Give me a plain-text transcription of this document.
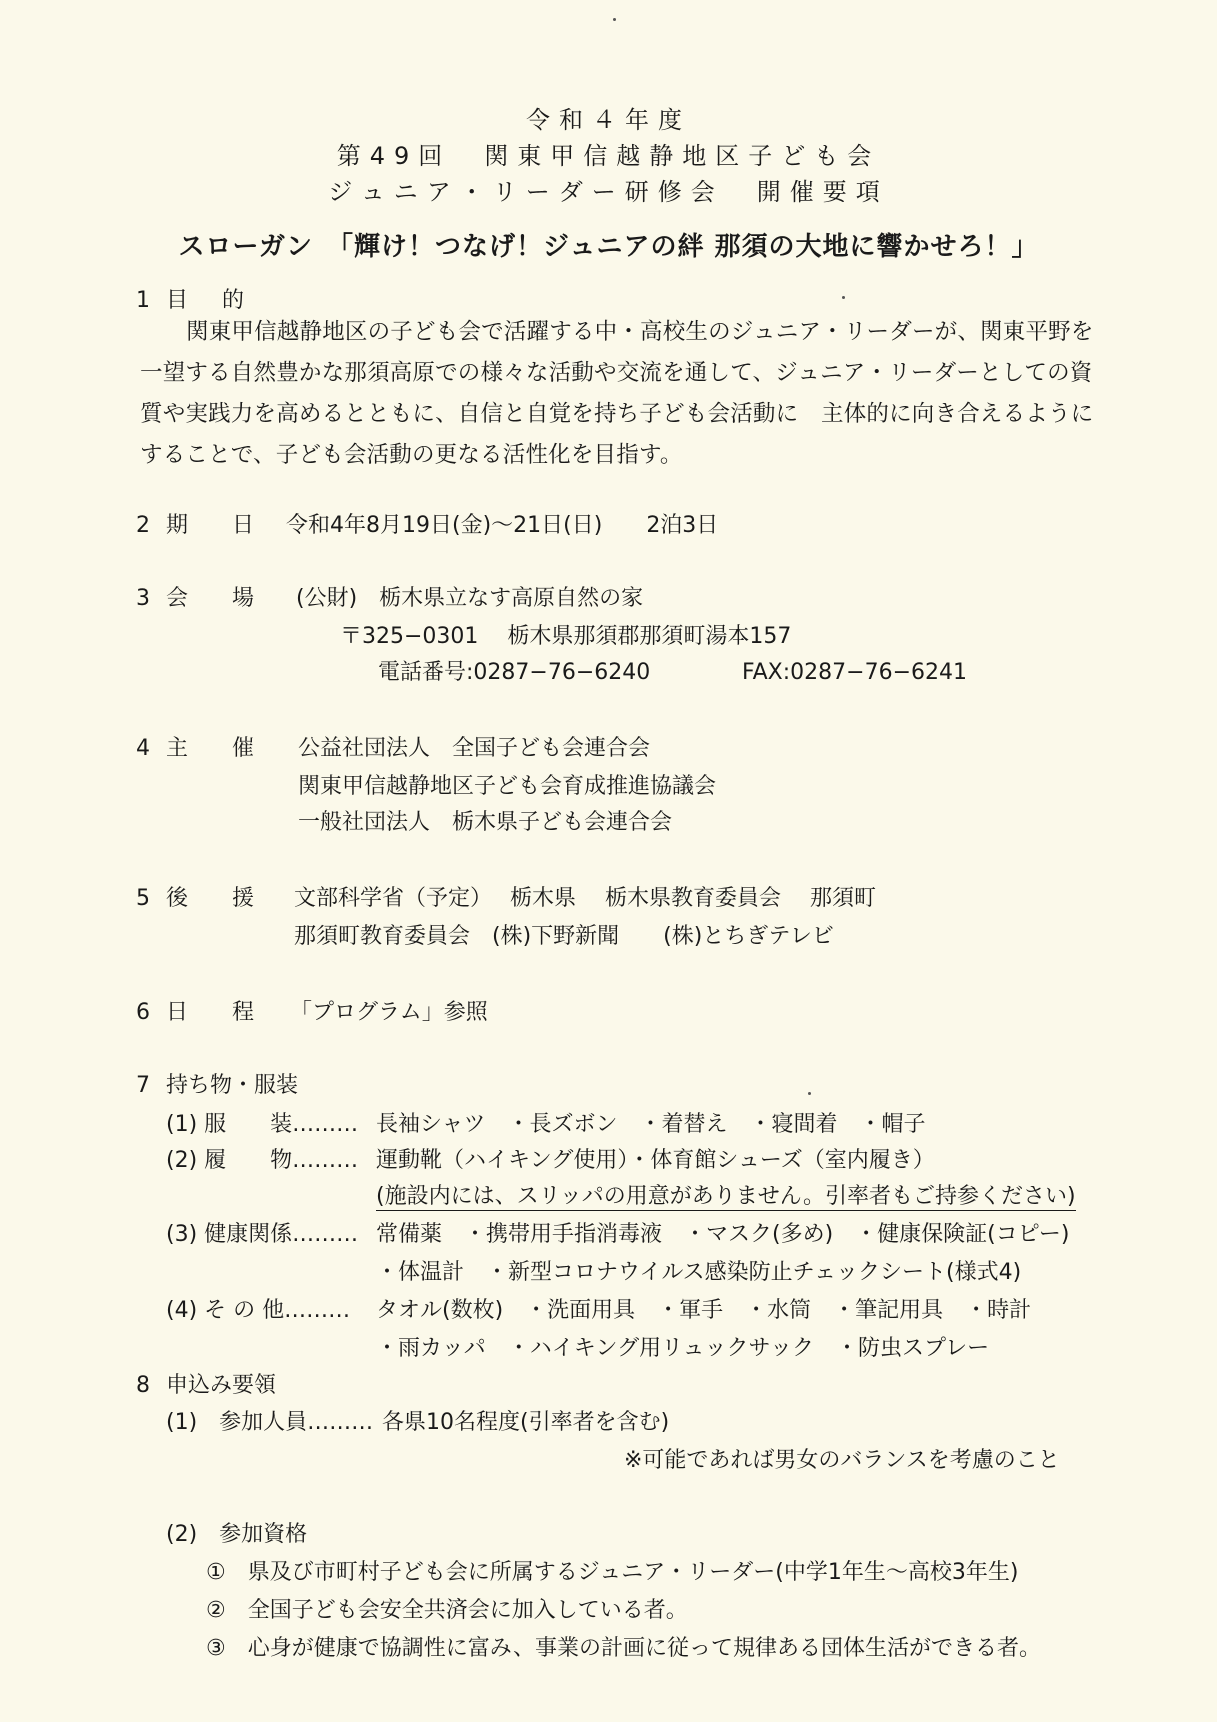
令和４年度
第49回　関東甲信越静地区子ども会
ジュニア・リーダー研修会　開催要項
スローガン　「輝け！つなげ！ジュニアの絆 那須の大地に響かせろ！」
1 目　的
関東甲信越静地区の子ども会で活躍する中・高校生のジュニア・リーダーが、関東平野を一望する自然豊かな那須高原での様々な活動や交流を通して、ジュニア・リーダーとしての資質や実践力を高めるとともに、自信と自覚を持ち子ども会活動に　主体的に向き合えるようにすることで、子ども会活動の更なる活性化を目指す。
2 期　　日 令和4年8月19日(金)〜21日(日)　　2泊3日
3 会　　場 (公財)　栃木県立なす高原自然の家
〒325−0301　 栃木県那須郡那須町湯本157
電話番号:0287−76−6240	FAX:0287−76−6241
4 主　　催 公益社団法人　全国子ども会連合会
関東甲信越静地区子ども会育成推進協議会
一般社団法人　栃木県子ども会連合会
5 後　　援 文部科学省（予定）　 栃木県　 栃木県教育委員会　 那須町
那須町教育委員会　(株)下野新聞　　(株)とちぎテレビ
6 日　　程 「プログラム」参照
7 持ち物・服装
(1) 服　　装……… 長袖シャツ　・長ズボン　・着替え　・寝間着　・帽子
(2) 履　　物……… 運動靴（ハイキング使用）・体育館シューズ（室内履き）
(施設内には、スリッパの用意がありません。引率者もご持参ください)
(3) 健康関係……… 常備薬　・携帯用手指消毒液　・マスク(多め)　・健康保険証(コピー)
・体温計　・新型コロナウイルス感染防止チェックシート(様式4)
(4) そ の 他……… タオル(数枚)　・洗面用具　・軍手　・水筒　・筆記用具　・時計
・雨カッパ　・ハイキング用リュックサック　・防虫スプレー
8 申込み要領
(1)　参加人員……… 各県10名程度(引率者を含む)
※可能であれば男女のバランスを考慮のこと
(2)　参加資格
①　県及び市町村子ども会に所属するジュニア・リーダー(中学1年生〜高校3年生)
②　全国子ども会安全共済会に加入している者。
③　心身が健康で協調性に富み、事業の計画に従って規律ある団体生活ができる者。
